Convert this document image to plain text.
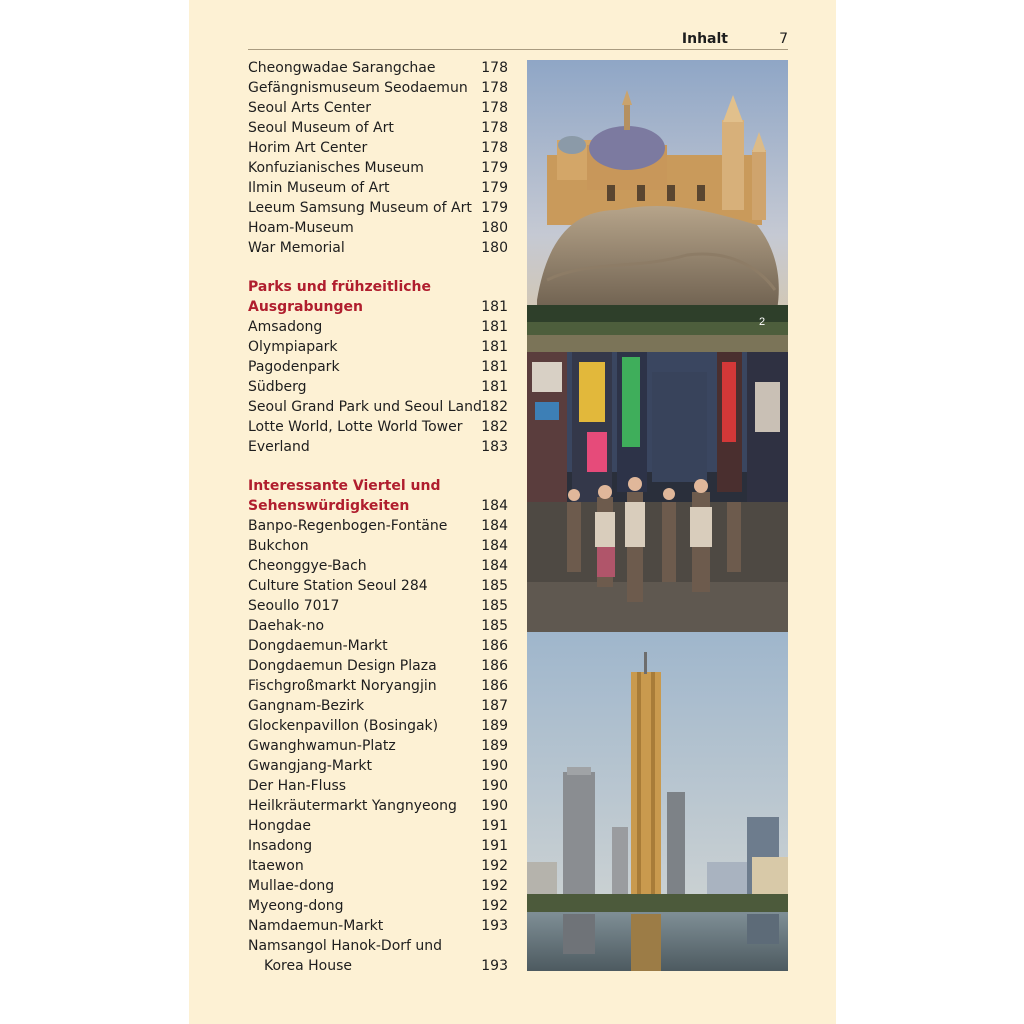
Inhalt	7
Cheongwadae Sarangchae	178
Gefängnismuseum Seodaemun 178
Seoul Arts Center	178
Seoul Museum of Art	178
Horim Art Center	178
Konfuzianisches Museum	179
Ilmin Museum of Art	179
Leeum Samsung Museum of Art 179
Hoam-Museum	180
War Memorial	180
Parks und frühzeitliche
Ausgrabungen	181
Amsadong	181
Olympiapark	181
Pagodenpark	181
Südberg	181
Seoul Grand Park und Seoul Land 182
Lotte World, Lotte World Tower 182
Everland	183
Interessante Viertel und
Sehenswürdigkeiten	184
Banpo-Regenbogen-Fontäne 184
Bukchon	184
Cheonggye-Bach	184
Culture Station Seoul 284	185
Seoullo 7017	185
Daehak-no	185
Dongdaemun-Markt	186
Dongdaemun Design Plaza	186
Fischgroßmarkt Noryangjin	186
Gangnam-Bezirk	187
Glockenpavillon (Bosingak)	189
Gwanghwamun-Platz	189
Gwangjang-Markt	190
Der Han-Fluss	190
Heilkräutermarkt Yangnyeong 190
Hongdae	191
Insadong	191
Itaewon	192
Mullae-dong	192
Myeong-dong	192
Namdaemun-Markt	193
Namsangol Hanok-Dorf und
Korea House	193
2
